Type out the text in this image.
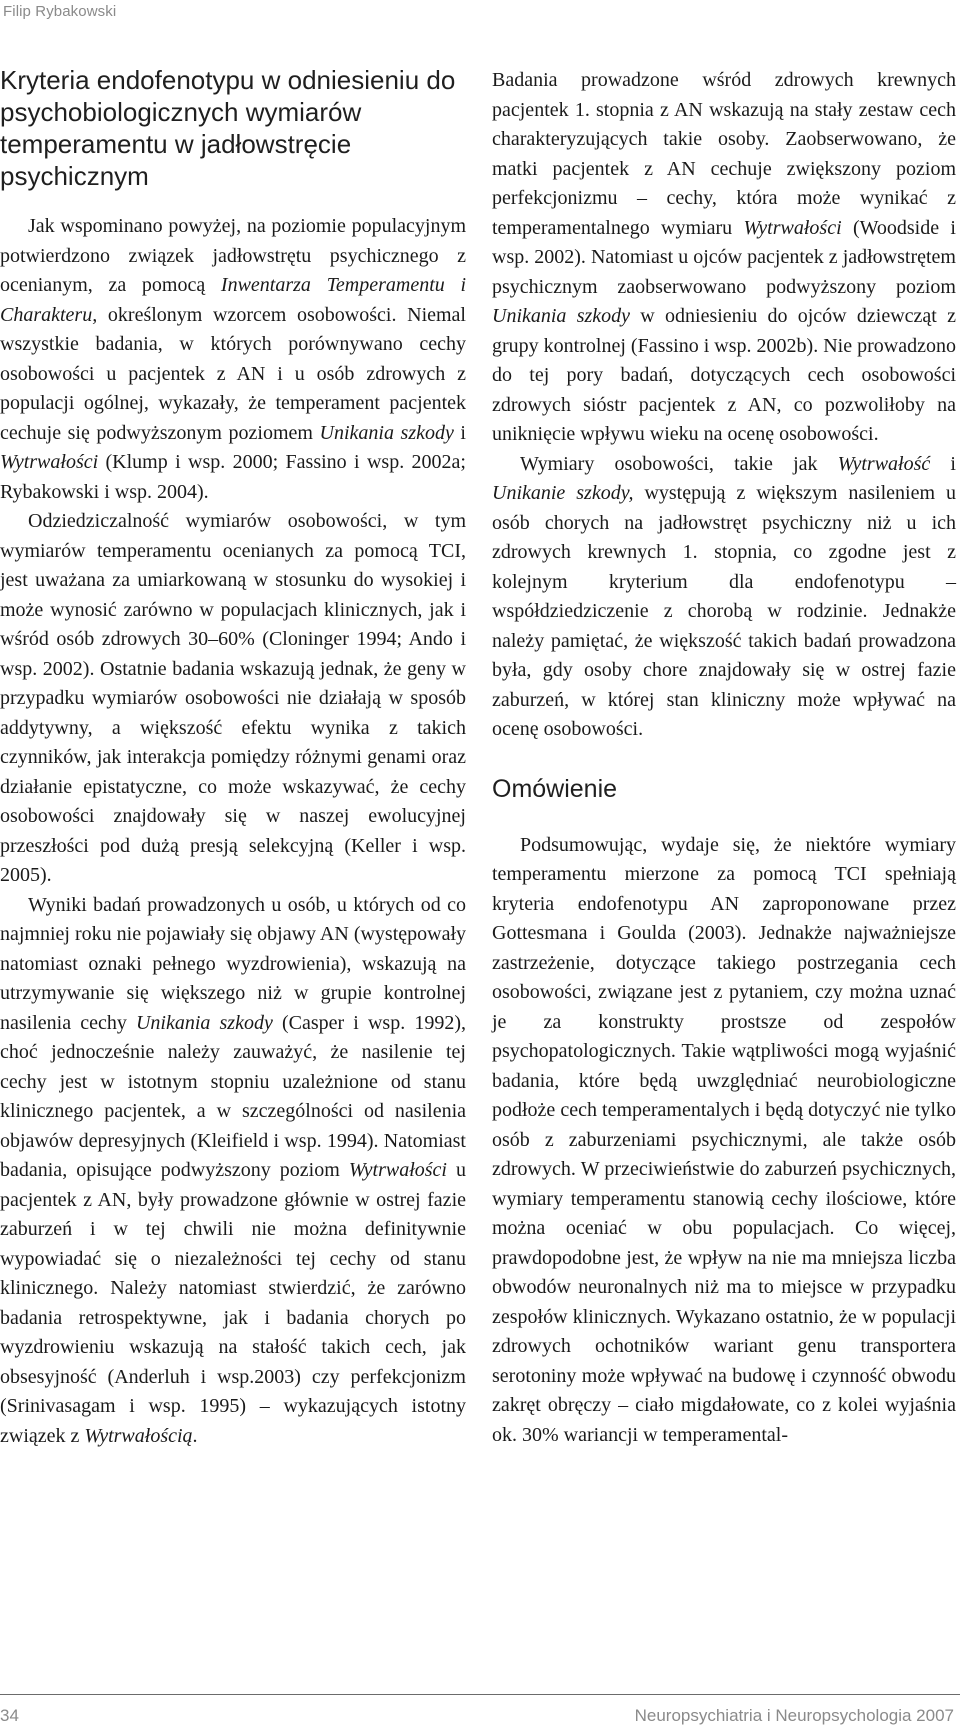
Filip Rybakowski
Kryteria endofenotypu w odniesieniu do psychobiologicznych wymiarów temperamentu w jadłowstręcie psychicznym

Jak wspominano powyżej, na poziomie populacyjnym potwierdzono związek jadłowstrętu psychicznego z ocenianym, za pomocą Inwentarza Temperamentu i Charakteru, określonym wzorcem osobowości. Niemal wszystkie badania, w których porównywano cechy osobowości u pacjentek z AN i u osób zdrowych z populacji ogólnej, wykazały, że temperament pacjentek cechuje się podwyższonym poziomem Unikania szkody i Wytrwałości (Klump i wsp. 2000; Fassino i wsp. 2002a; Rybakowski i wsp. 2004).

Odziedziczalność wymiarów osobowości, w tym wymiarów temperamentu ocenianych za pomocą TCI, jest uważana za umiarkowaną w stosunku do wysokiej i może wynosić zarówno w populacjach klinicznych, jak i wśród osób zdrowych 30–60% (Cloninger 1994; Ando i wsp. 2002). Ostatnie badania wskazują jednak, że geny w przypadku wymiarów osobowości nie działają w sposób addytywny, a większość efektu wynika z takich czynników, jak interakcja pomiędzy różnymi genami oraz działanie epistatyczne, co może wskazywać, że cechy osobowości znajdowały się w naszej ewolucyjnej przeszłości pod dużą presją selekcyjną (Keller i wsp. 2005).

Wyniki badań prowadzonych u osób, u których od co najmniej roku nie pojawiały się objawy AN (występowały natomiast oznaki pełnego wyzdrowienia), wskazują na utrzymywanie się większego niż w grupie kontrolnej nasilenia cechy Unikania szkody (Casper i wsp. 1992), choć jednocześnie należy zauważyć, że nasilenie tej cechy jest w istotnym stopniu uzależnione od stanu klinicznego pacjentek, a w szczególności od nasilenia objawów depresyjnych (Kleifield i wsp. 1994). Natomiast badania, opisujące podwyższony poziom Wytrwałości u pacjentek z AN, były prowadzone głównie w ostrej fazie zaburzeń i w tej chwili nie można definitywnie wypowiadać się o niezależności tej cechy od stanu klinicznego. Należy natomiast stwierdzić, że zarówno badania retrospektywne, jak i badania chorych po wyzdrowieniu wskazują na stałość takich cech, jak obsesyjność (Anderluh i wsp.2003) czy perfekcjonizm (Srinivasagam i wsp. 1995) – wykazujących istotny związek z Wytrwałością.

Badania prowadzone wśród zdrowych krewnych pacjentek 1. stopnia z AN wskazują na stały zestaw cech charakteryzujących takie osoby. Zaobserwowano, że matki pacjentek z AN cechuje zwiększony poziom perfekcjonizmu – cechy, która może wynikać z temperamentalnego wymiaru Wytrwałości (Woodside i wsp. 2002). Natomiast u ojców pacjentek z jadłowstrętem psychicznym zaobserwowano podwyższony poziom Unikania szkody w odniesieniu do ojców dziewcząt z grupy kontrolnej (Fassino i wsp. 2002b). Nie prowadzono do tej pory badań, dotyczących cech osobowości zdrowych sióstr pacjentek z AN, co pozwoliłoby na uniknięcie wpływu wieku na ocenę osobowości.

Wymiary osobowości, takie jak Wytrwałość i Unikanie szkody, występują z większym nasileniem u osób chorych na jadłowstręt psychiczny niż u ich zdrowych krewnych 1. stopnia, co zgodne jest z kolejnym kryterium dla endofenotypu – współdziedziczenie z chorobą w rodzinie. Jednakże należy pamiętać, że większość takich badań prowadzona była, gdy osoby chore znajdowały się w ostrej fazie zaburzeń, w której stan kliniczny może wpływać na ocenę osobowości.

Omówienie

Podsumowując, wydaje się, że niektóre wymiary temperamentu mierzone za pomocą TCI spełniają kryteria endofenotypu AN zaproponowane przez Gottesmana i Goulda (2003). Jednakże najważniejsze zastrzeżenie, dotyczące takiego postrzegania cech osobowości, związane jest z pytaniem, czy można uznać je za konstrukty prostsze od zespołów psychopatologicznych. Takie wątpliwości mogą wyjaśnić badania, które będą uwzględniać neurobiologiczne podłoże cech temperamentalych i będą dotyczyć nie tylko osób z zaburzeniami psychicznymi, ale także osób zdrowych. W przeciwieństwie do zaburzeń psychicznych, wymiary temperamentu stanowią cechy ilościowe, które można oceniać w obu populacjach. Co więcej, prawdopodobne jest, że wpływ na nie ma mniejsza liczba obwodów neuronalnych niż ma to miejsce w przypadku zespołów klinicznych. Wykazano ostatnio, że w populacji zdrowych ochotników wariant genu transportera serotoniny może wpływać na budowę i czynność obwodu zakręt obręczy – ciało migdałowate, co z kolei wyjaśnia ok. 30% wariancji w temperamental-

34	Neuropsychiatria i Neuropsychologia 2007
